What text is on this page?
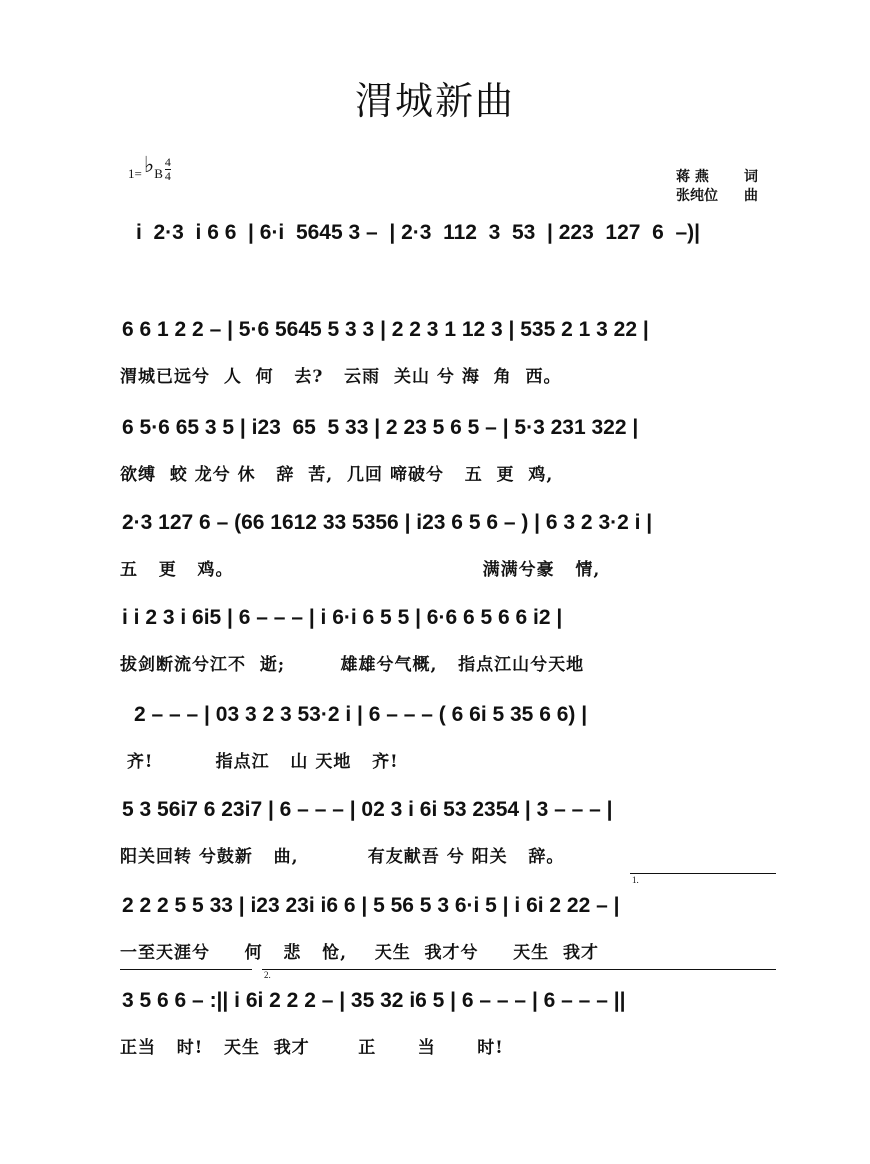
渭城新曲
1= ♭ B
4
4	蒋 燕	词
张纯位 曲
i  2·3  i 6 6  | 6·i  5645 3 –  | 2·3  112  3  53  | 223  127  6  –)|
6 6 1 2 2 – | 5·6 5645 5 3 3 | 2 2 3 1 12 3 | 535 2 1 3 22 |
渭城已远兮  人  何   去?   云雨  关山 兮 海  角  西。
6 5·6 65 3 5 | i23  65  5 33 | 2 23 5 6 5 – | 5·3 231 322 |
欲缚  蛟 龙兮 休   辞  苦,  几回 啼破兮   五  更  鸡,
2·3 127 6 – (66 1612 33 5356 | i23 6 5 6 – ) | 6 3 2 3·2 i |
五   更   鸡。                                    满满兮豪   情,
i i 2 3 i 6i5 | 6 – – – | i 6·i 6 5 5 | 6·6 6 5 6 6 i2 |
拔剑断流兮江不  逝;        雄雄兮气概,   指点江山兮天地
2 – – – | 03 3 2 3 53·2 i | 6 – – – ( 6 6i 5 35 6 6) |
齐!         指点江   山 天地   齐!
5 3 56i7 6 23i7 | 6 – – – | 02 3 i 6i 53 2354 | 3 – – – |
阳关回转 兮鼓新   曲,          有友献吾 兮 阳关   辞。
1.
2 2 2 5 5 33 | i23 23i i6 6 | 5 56 5 3 6·i 5 | i 6i 2 22 – |
一至天涯兮     何   悲   怆,    天生  我才兮     天生  我才
2.
3 5 6 6 – :|| i 6i 2 2 2 – | 35 32 i6 5 | 6 – – – | 6 – – – ||
正当   时!   天生  我才       正      当      时!
